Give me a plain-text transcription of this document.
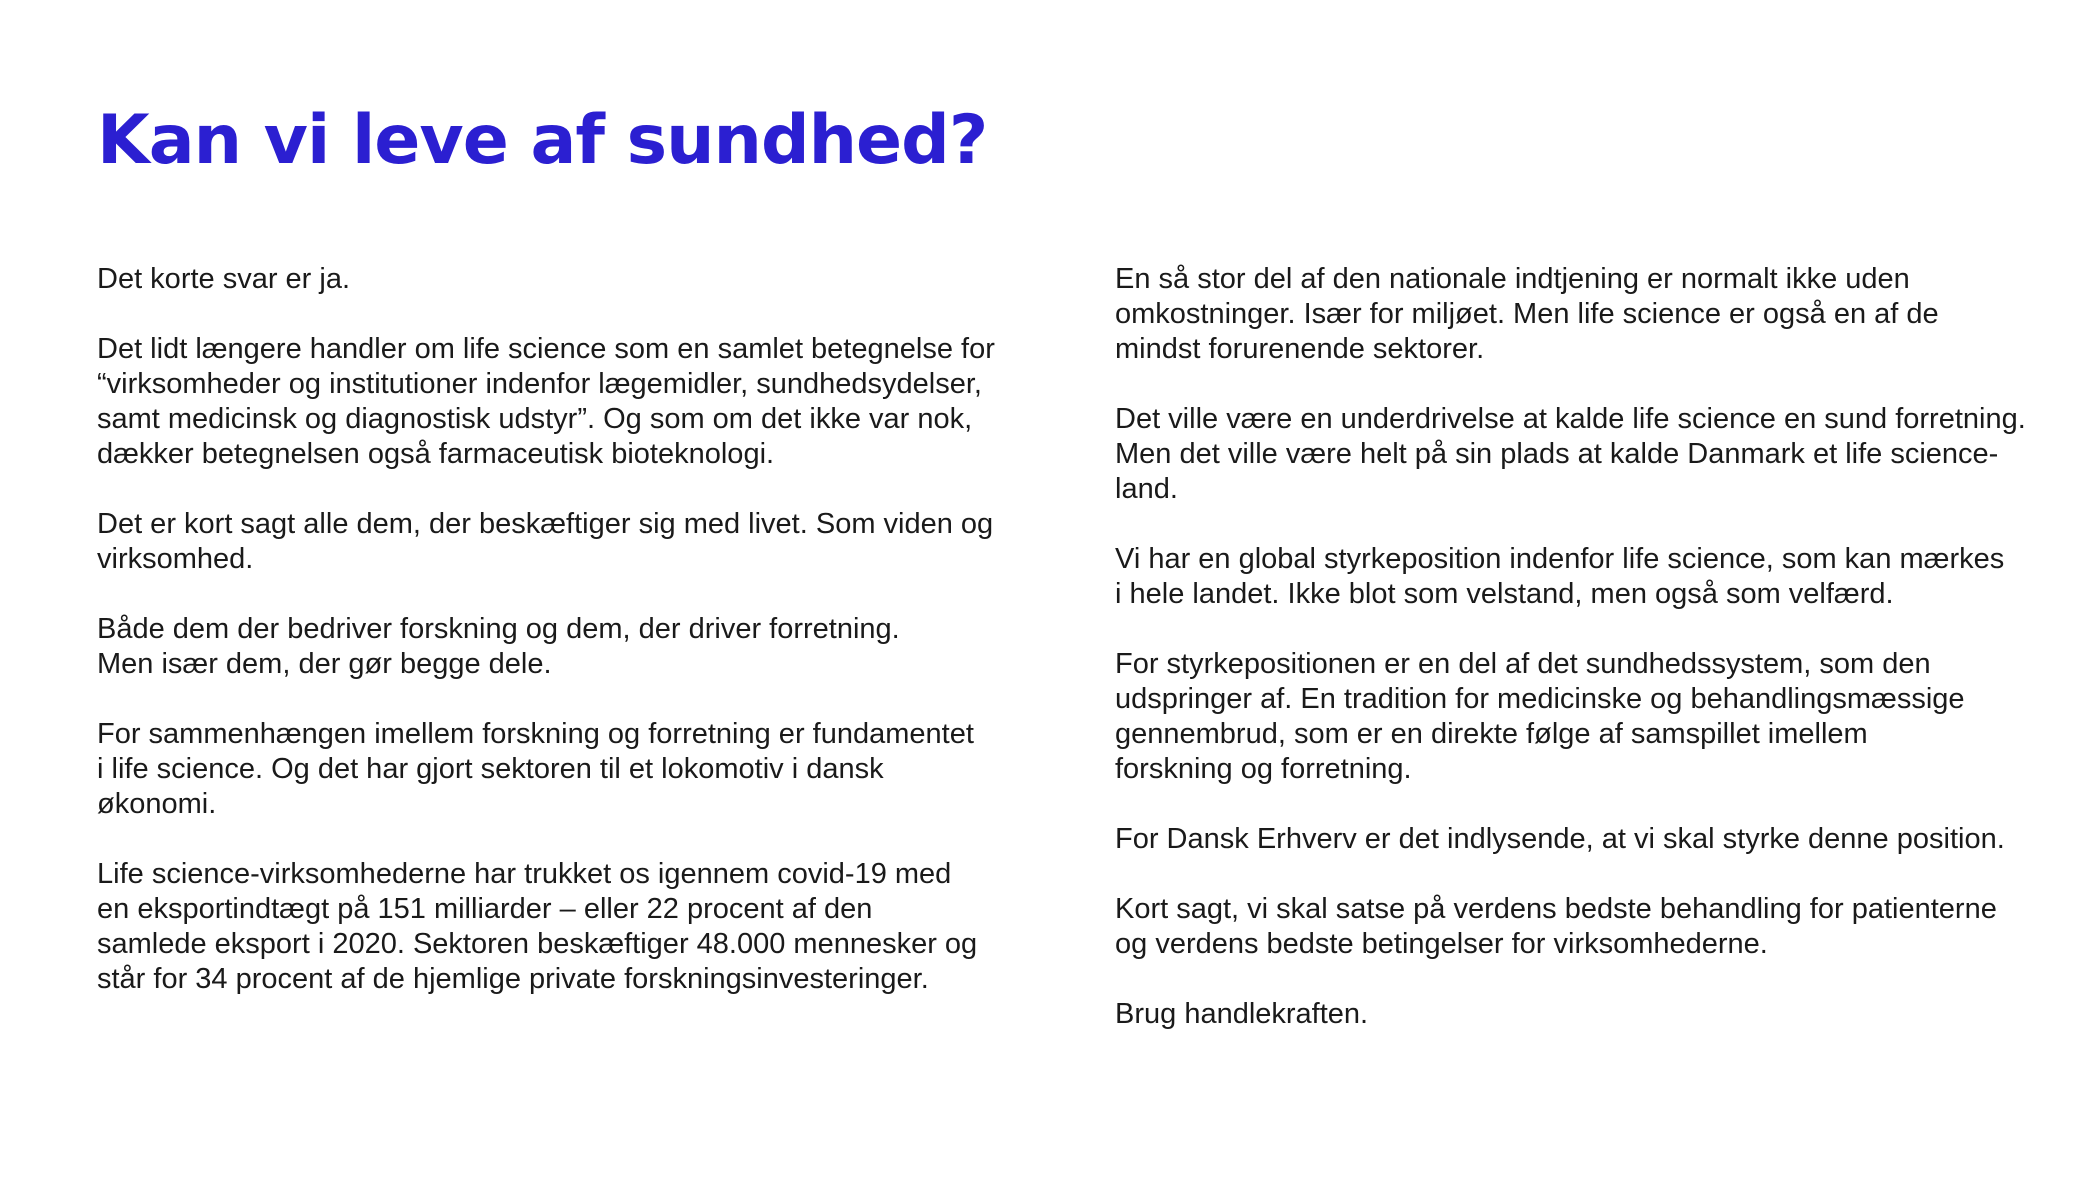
Kan vi leve af sundhed?

Det korte svar er ja.

Det lidt længere handler om life science som en samlet betegnelse for
“virksomheder og institutioner indenfor lægemidler, sundhedsydelser,
samt medicinsk og diagnostisk udstyr”. Og som om det ikke var nok,
dækker betegnelsen også farmaceutisk bioteknologi.

Det er kort sagt alle dem, der beskæftiger sig med livet. Som viden og
virksomhed.

Både dem der bedriver forskning og dem, der driver forretning.
Men især dem, der gør begge dele.

For sammenhængen imellem forskning og forretning er fundamentet
i life science. Og det har gjort sektoren til et lokomotiv i dansk
økonomi.

Life science-virksomhederne har trukket os igennem covid-19 med
en eksportindtægt på 151 milliarder – eller 22 procent af den
samlede eksport i 2020. Sektoren beskæftiger 48.000 mennesker og
står for 34 procent af de hjemlige private forskningsinvesteringer.

En så stor del af den nationale indtjening er normalt ikke uden
omkostninger. Især for miljøet. Men life science er også en af de
mindst forurenende sektorer.

Det ville være en underdrivelse at kalde life science en sund forretning.
Men det ville være helt på sin plads at kalde Danmark et life science-
land.

Vi har en global styrkeposition indenfor life science, som kan mærkes
i hele landet. Ikke blot som velstand, men også som velfærd.

For styrkepositionen er en del af det sundhedssystem, som den
udspringer af. En tradition for medicinske og behandlingsmæssige
gennembrud, som er en direkte følge af samspillet imellem
forskning og forretning.

For Dansk Erhverv er det indlysende, at vi skal styrke denne position.

Kort sagt, vi skal satse på verdens bedste behandling for patienterne
og verdens bedste betingelser for virksomhederne.

Brug handlekraften.
